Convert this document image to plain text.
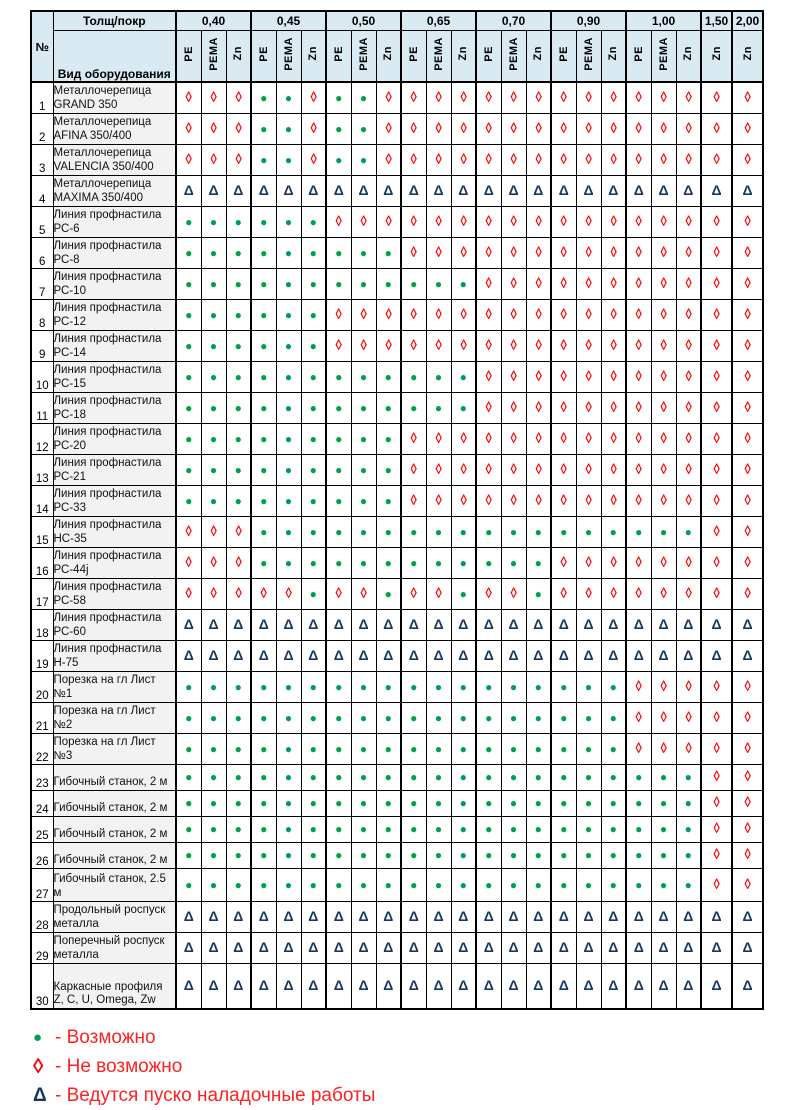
№	Толщ/покр	0,40			0,45			0,50			0,65			0,70			0,90			1,00			1,50	2,00
	Вид оборудования	PE	PEMA	Zn	PE	PEMA	Zn	PE	PEMA	Zn	PE	PEMA	Zn	PE	PEMA	Zn	PE	PEMA	Zn	PE	PEMA	Zn	Zn	Zn
1	Металлочерепица GRAND 350	◊	◊	◊	●	●	◊	●	●	◊	◊	◊	◊	◊	◊	◊	◊	◊	◊	◊	◊	◊	◊	◊
2	Металлочерепица AFINA 350/400	◊	◊	◊	●	●	◊	●	●	◊	◊	◊	◊	◊	◊	◊	◊	◊	◊	◊	◊	◊	◊	◊
3	Металлочерепица VALENCIA 350/400	◊	◊	◊	●	●	◊	●	●	◊	◊	◊	◊	◊	◊	◊	◊	◊	◊	◊	◊	◊	◊	◊
4	Металлочерепица MAXIMA 350/400	Δ	Δ	Δ	Δ	Δ	Δ	Δ	Δ	Δ	Δ	Δ	Δ	Δ	Δ	Δ	Δ	Δ	Δ	Δ	Δ	Δ	Δ	Δ
5	Линия профнастила РС-6	●	●	●	●	●	●	◊	◊	◊	◊	◊	◊	◊	◊	◊	◊	◊	◊	◊	◊	◊	◊	◊
6	Линия профнастила РС-8	●	●	●	●	●	●	●	●	●	◊	◊	◊	◊	◊	◊	◊	◊	◊	◊	◊	◊	◊	◊
7	Линия профнастила РС-10	●	●	●	●	●	●	●	●	●	●	●	●	◊	◊	◊	◊	◊	◊	◊	◊	◊	◊	◊
8	Линия профнастила РС-12	●	●	●	●	●	●	◊	◊	◊	◊	◊	◊	◊	◊	◊	◊	◊	◊	◊	◊	◊	◊	◊
9	Линия профнастила РС-14	●	●	●	●	●	●	◊	◊	◊	◊	◊	◊	◊	◊	◊	◊	◊	◊	◊	◊	◊	◊	◊
10	Линия профнастила РС-15	●	●	●	●	●	●	●	●	●	●	●	●	◊	◊	◊	◊	◊	◊	◊	◊	◊	◊	◊
11	Линия профнастила РС-18	●	●	●	●	●	●	●	●	●	●	●	●	◊	◊	◊	◊	◊	◊	◊	◊	◊	◊	◊
12	Линия профнастила РС-20	●	●	●	●	●	●	●	●	●	◊	◊	◊	◊	◊	◊	◊	◊	◊	◊	◊	◊	◊	◊
13	Линия профнастила РС-21	●	●	●	●	●	●	●	●	●	◊	◊	◊	◊	◊	◊	◊	◊	◊	◊	◊	◊	◊	◊
14	Линия профнастила РС-33	●	●	●	●	●	●	●	●	●	◊	◊	◊	◊	◊	◊	◊	◊	◊	◊	◊	◊	◊	◊
15	Линия профнастила НС-35	◊	◊	◊	●	●	●	●	●	●	●	●	●	●	●	●	●	●	●	●	●	●	◊	◊
16	Линия профнастила РС-44j	◊	◊	◊	●	●	●	●	●	●	●	●	●	●	●	●	◊	◊	◊	◊	◊	◊	◊	◊
17	Линия профнастила РС-58	◊	◊	◊	◊	◊	●	◊	◊	●	◊	◊	●	◊	◊	●	◊	◊	◊	◊	◊	◊	◊	◊
18	Линия профнастила РС-60	Δ	Δ	Δ	Δ	Δ	Δ	Δ	Δ	Δ	Δ	Δ	Δ	Δ	Δ	Δ	Δ	Δ	Δ	Δ	Δ	Δ	Δ	Δ
19	Линия профнастила Н-75	Δ	Δ	Δ	Δ	Δ	Δ	Δ	Δ	Δ	Δ	Δ	Δ	Δ	Δ	Δ	Δ	Δ	Δ	Δ	Δ	Δ	Δ	Δ
20	Порезка на гл Лист №1	●	●	●	●	●	●	●	●	●	●	●	●	●	●	●	●	●	●	◊	◊	◊	◊	◊
21	Порезка на гл Лист №2	●	●	●	●	●	●	●	●	●	●	●	●	●	●	●	●	●	●	◊	◊	◊	◊	◊
22	Порезка на гл Лист №3	●	●	●	●	●	●	●	●	●	●	●	●	●	●	●	●	●	●	◊	◊	◊	◊	◊
23	Гибочный станок, 2 м	●	●	●	●	●	●	●	●	●	●	●	●	●	●	●	●	●	●	●	●	●	◊	◊
24	Гибочный станок, 2 м	●	●	●	●	●	●	●	●	●	●	●	●	●	●	●	●	●	●	●	●	●	◊	◊
25	Гибочный станок, 2 м	●	●	●	●	●	●	●	●	●	●	●	●	●	●	●	●	●	●	●	●	●	◊	◊
26	Гибочный станок, 2 м	●	●	●	●	●	●	●	●	●	●	●	●	●	●	●	●	●	●	●	●	●	◊	◊
27	Гибочный станок, 2.5 м	●	●	●	●	●	●	●	●	●	●	●	●	●	●	●	●	●	●	●	●	●	◊	◊
28	Продольный роспуск металла	Δ	Δ	Δ	Δ	Δ	Δ	Δ	Δ	Δ	Δ	Δ	Δ	Δ	Δ	Δ	Δ	Δ	Δ	Δ	Δ	Δ	Δ	Δ
29	Поперечный роспуск металла	Δ	Δ	Δ	Δ	Δ	Δ	Δ	Δ	Δ	Δ	Δ	Δ	Δ	Δ	Δ	Δ	Δ	Δ	Δ	Δ	Δ	Δ	Δ
30	Каркасные профиля Z, C, U, Omega, Zw	Δ	Δ	Δ	Δ	Δ	Δ	Δ	Δ	Δ	Δ	Δ	Δ	Δ	Δ	Δ	Δ	Δ	Δ	Δ	Δ	Δ	Δ	Δ
● - Возможно
◊ - Не возможно
Δ - Ведутся пуско наладочные работы
